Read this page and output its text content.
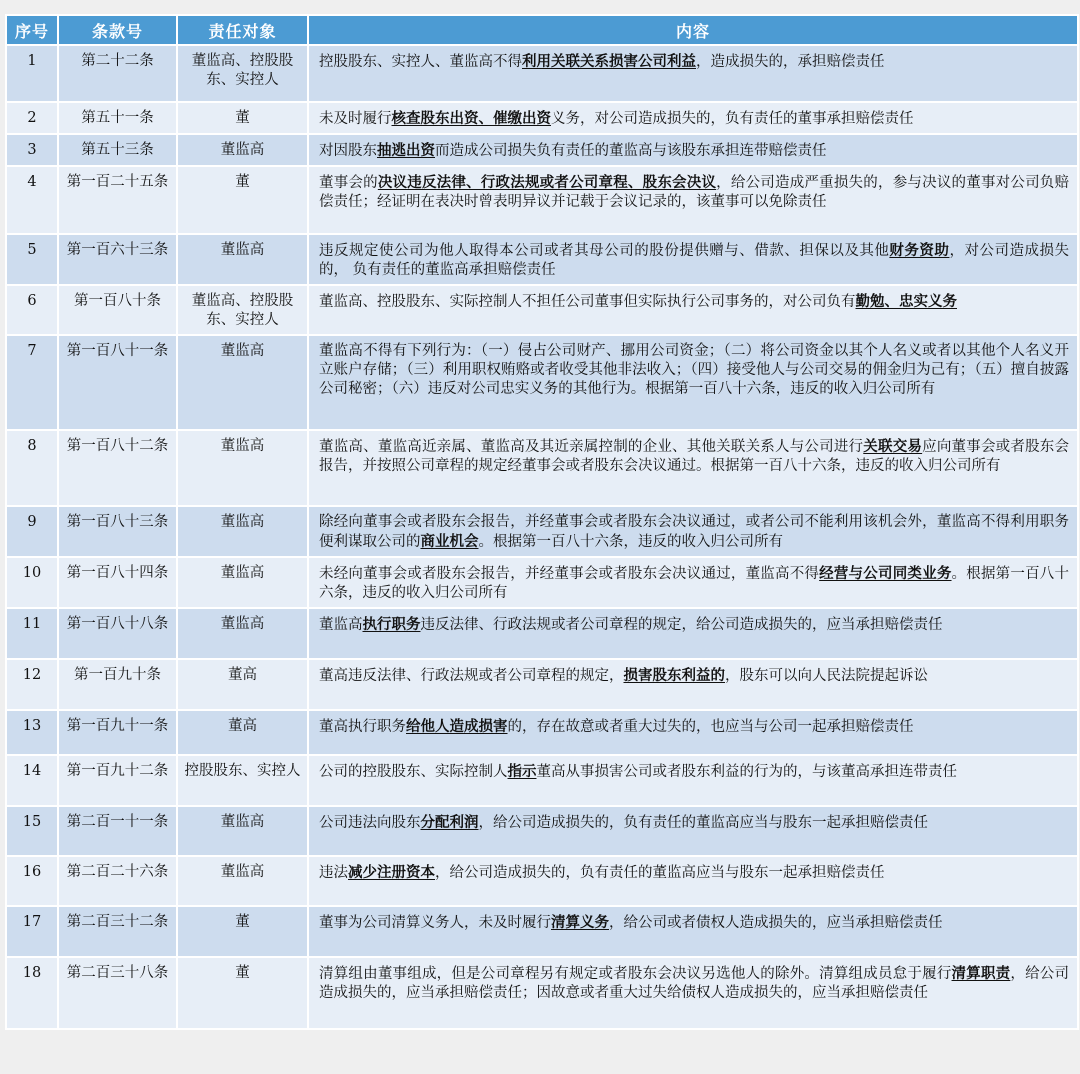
序号	条款号	责任对象	内容
1	第二十二条	董监高、控股股东、实控人	控股股东、实控人、董监高不得利用关联关系损害公司利益，造成损失的，承担赔偿责任
2	第五十一条	董	未及时履行核查股东出资、催缴出资义务，对公司造成损失的，负有责任的董事承担赔偿责任
3	第五十三条	董监高	对因股东抽逃出资而造成公司损失负有责任的董监高与该股东承担连带赔偿责任
4	第一百二十五条	董	董事会的决议违反法律、行政法规或者公司章程、股东会决议，给公司造成严重损失的，参与决议的董事对公司负赔偿责任；经证明在表决时曾表明异议并记载于会议记录的，该董事可以免除责任
5	第一百六十三条	董监高	违反规定使公司为他人取得本公司或者其母公司的股份提供赠与、借款、担保以及其他财务资助，对公司造成损失的， 负有责任的董监高承担赔偿责任
6	第一百八十条	董监高、控股股东、实控人	董监高、控股股东、实际控制人不担任公司董事但实际执行公司事务的，对公司负有勤勉、忠实义务
7	第一百八十一条	董监高	董监高不得有下列行为：（一）侵占公司财产、挪用公司资金；（二）将公司资金以其个人名义或者以其他个人名义开立账户存储；（三）利用职权贿赂或者收受其他非法收入；（四）接受他人与公司交易的佣金归为己有；（五）擅自披露公司秘密；（六）违反对公司忠实义务的其他行为。根据第一百八十六条，违反的收入归公司所有
8	第一百八十二条	董监高	董监高、董监高近亲属、董监高及其近亲属控制的企业、其他关联关系人与公司进行关联交易应向董事会或者股东会报告，并按照公司章程的规定经董事会或者股东会决议通过。根据第一百八十六条，违反的收入归公司所有
9	第一百八十三条	董监高	除经向董事会或者股东会报告，并经董事会或者股东会决议通过，或者公司不能利用该机会外，董监高不得利用职务便利谋取公司的商业机会。根据第一百八十六条，违反的收入归公司所有
10	第一百八十四条	董监高	未经向董事会或者股东会报告，并经董事会或者股东会决议通过，董监高不得经营与公司同类业务。根据第一百八十六条，违反的收入归公司所有
11	第一百八十八条	董监高	董监高执行职务违反法律、行政法规或者公司章程的规定，给公司造成损失的，应当承担赔偿责任
12	第一百九十条	董高	董高违反法律、行政法规或者公司章程的规定，损害股东利益的，股东可以向人民法院提起诉讼
13	第一百九十一条	董高	董高执行职务给他人造成损害的，存在故意或者重大过失的，也应当与公司一起承担赔偿责任
14	第一百九十二条	控股股东、实控人	公司的控股股东、实际控制人指示董高从事损害公司或者股东利益的行为的，与该董高承担连带责任
15	第二百一十一条	董监高	公司违法向股东分配利润，给公司造成损失的，负有责任的董监高应当与股东一起承担赔偿责任
16	第二百二十六条	董监高	违法减少注册资本，给公司造成损失的，负有责任的董监高应当与股东一起承担赔偿责任
17	第二百三十二条	董	董事为公司清算义务人，未及时履行清算义务，给公司或者债权人造成损失的，应当承担赔偿责任
18	第二百三十八条	董	清算组由董事组成，但是公司章程另有规定或者股东会决议另选他人的除外。清算组成员怠于履行清算职责，给公司造成损失的，应当承担赔偿责任；因故意或者重大过失给债权人造成损失的，应当承担赔偿责任
